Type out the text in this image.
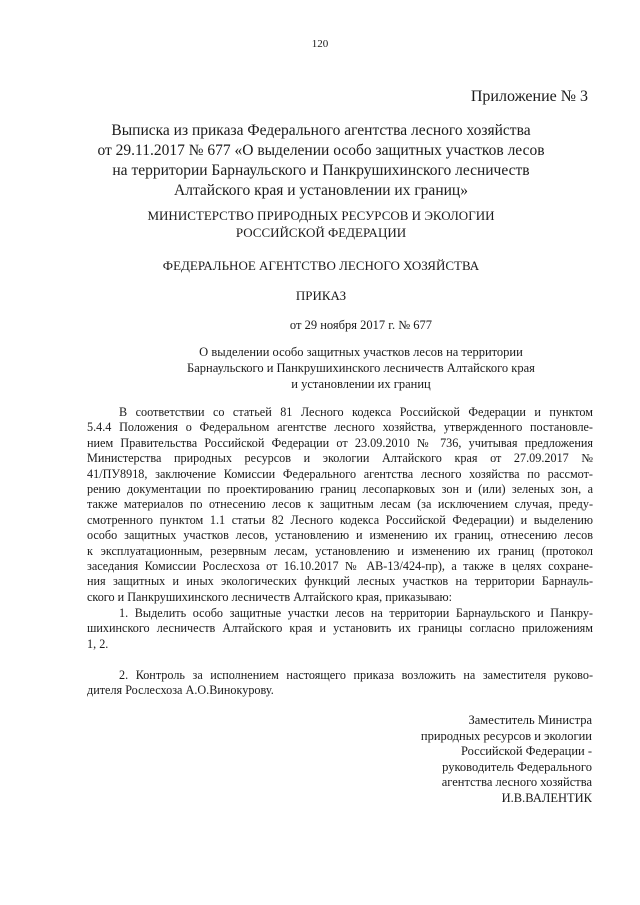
120
Приложение № 3
Выписка из приказа Федерального агентства лесного хозяйства
от 29.11.2017 № 677 «О выделении особо защитных участков лесов
на территории Барнаульского и Панкрушихинского лесничеств
Алтайского края и установлении их границ»
МИНИСТЕРСТВО ПРИРОДНЫХ РЕСУРСОВ И ЭКОЛОГИИ
РОССИЙСКОЙ ФЕДЕРАЦИИ
ФЕДЕРАЛЬНОЕ АГЕНТСТВО ЛЕСНОГО ХОЗЯЙСТВА
ПРИКАЗ
от 29 ноября 2017 г. № 677
О выделении особо защитных участков лесов на территории
Барнаульского и Панкрушихинского лесничеств Алтайского края
и установлении их границ
В соответствии со статьей 81 Лесного кодекса Российской Федерации и пунктом
5.4.4 Положения о Федеральном агентстве лесного хозяйства, утвержденного постановле-
нием Правительства Российской Федерации от 23.09.2010 № 736, учитывая предложения
Министерства природных ресурсов и экологии Алтайского края от 27.09.2017 №
41/ПУ8918, заключение Комиссии Федерального агентства лесного хозяйства по рассмот-
рению документации по проектированию границ лесопарковых зон и (или) зеленых зон, а
также материалов по отнесению лесов к защитным лесам (за исключением случая, преду-
смотренного пунктом 1.1 статьи 82 Лесного кодекса Российской Федерации) и выделению
особо защитных участков лесов, установлению и изменению их границ, отнесению лесов
к эксплуатационным, резервным лесам, установлению и изменению их границ (протокол
заседания Комиссии Рослесхоза от 16.10.2017 № АВ-13/424-пр), а также в целях сохране-
ния защитных и иных экологических функций лесных участков на территории Барнауль-
ского и Панкрушихинского лесничеств Алтайского края, приказываю:
1. Выделить особо защитные участки лесов на территории Барнаульского и Панкру-
шихинского лесничеств Алтайского края и установить их границы согласно приложениям
1, 2.
2. Контроль за исполнением настоящего приказа возложить на заместителя руково-
дителя Рослесхоза А.О.Винокурову.
Заместитель Министра
природных ресурсов и экологии
Российской Федерации -
руководитель Федерального
агентства лесного хозяйства
И.В.ВАЛЕНТИК
